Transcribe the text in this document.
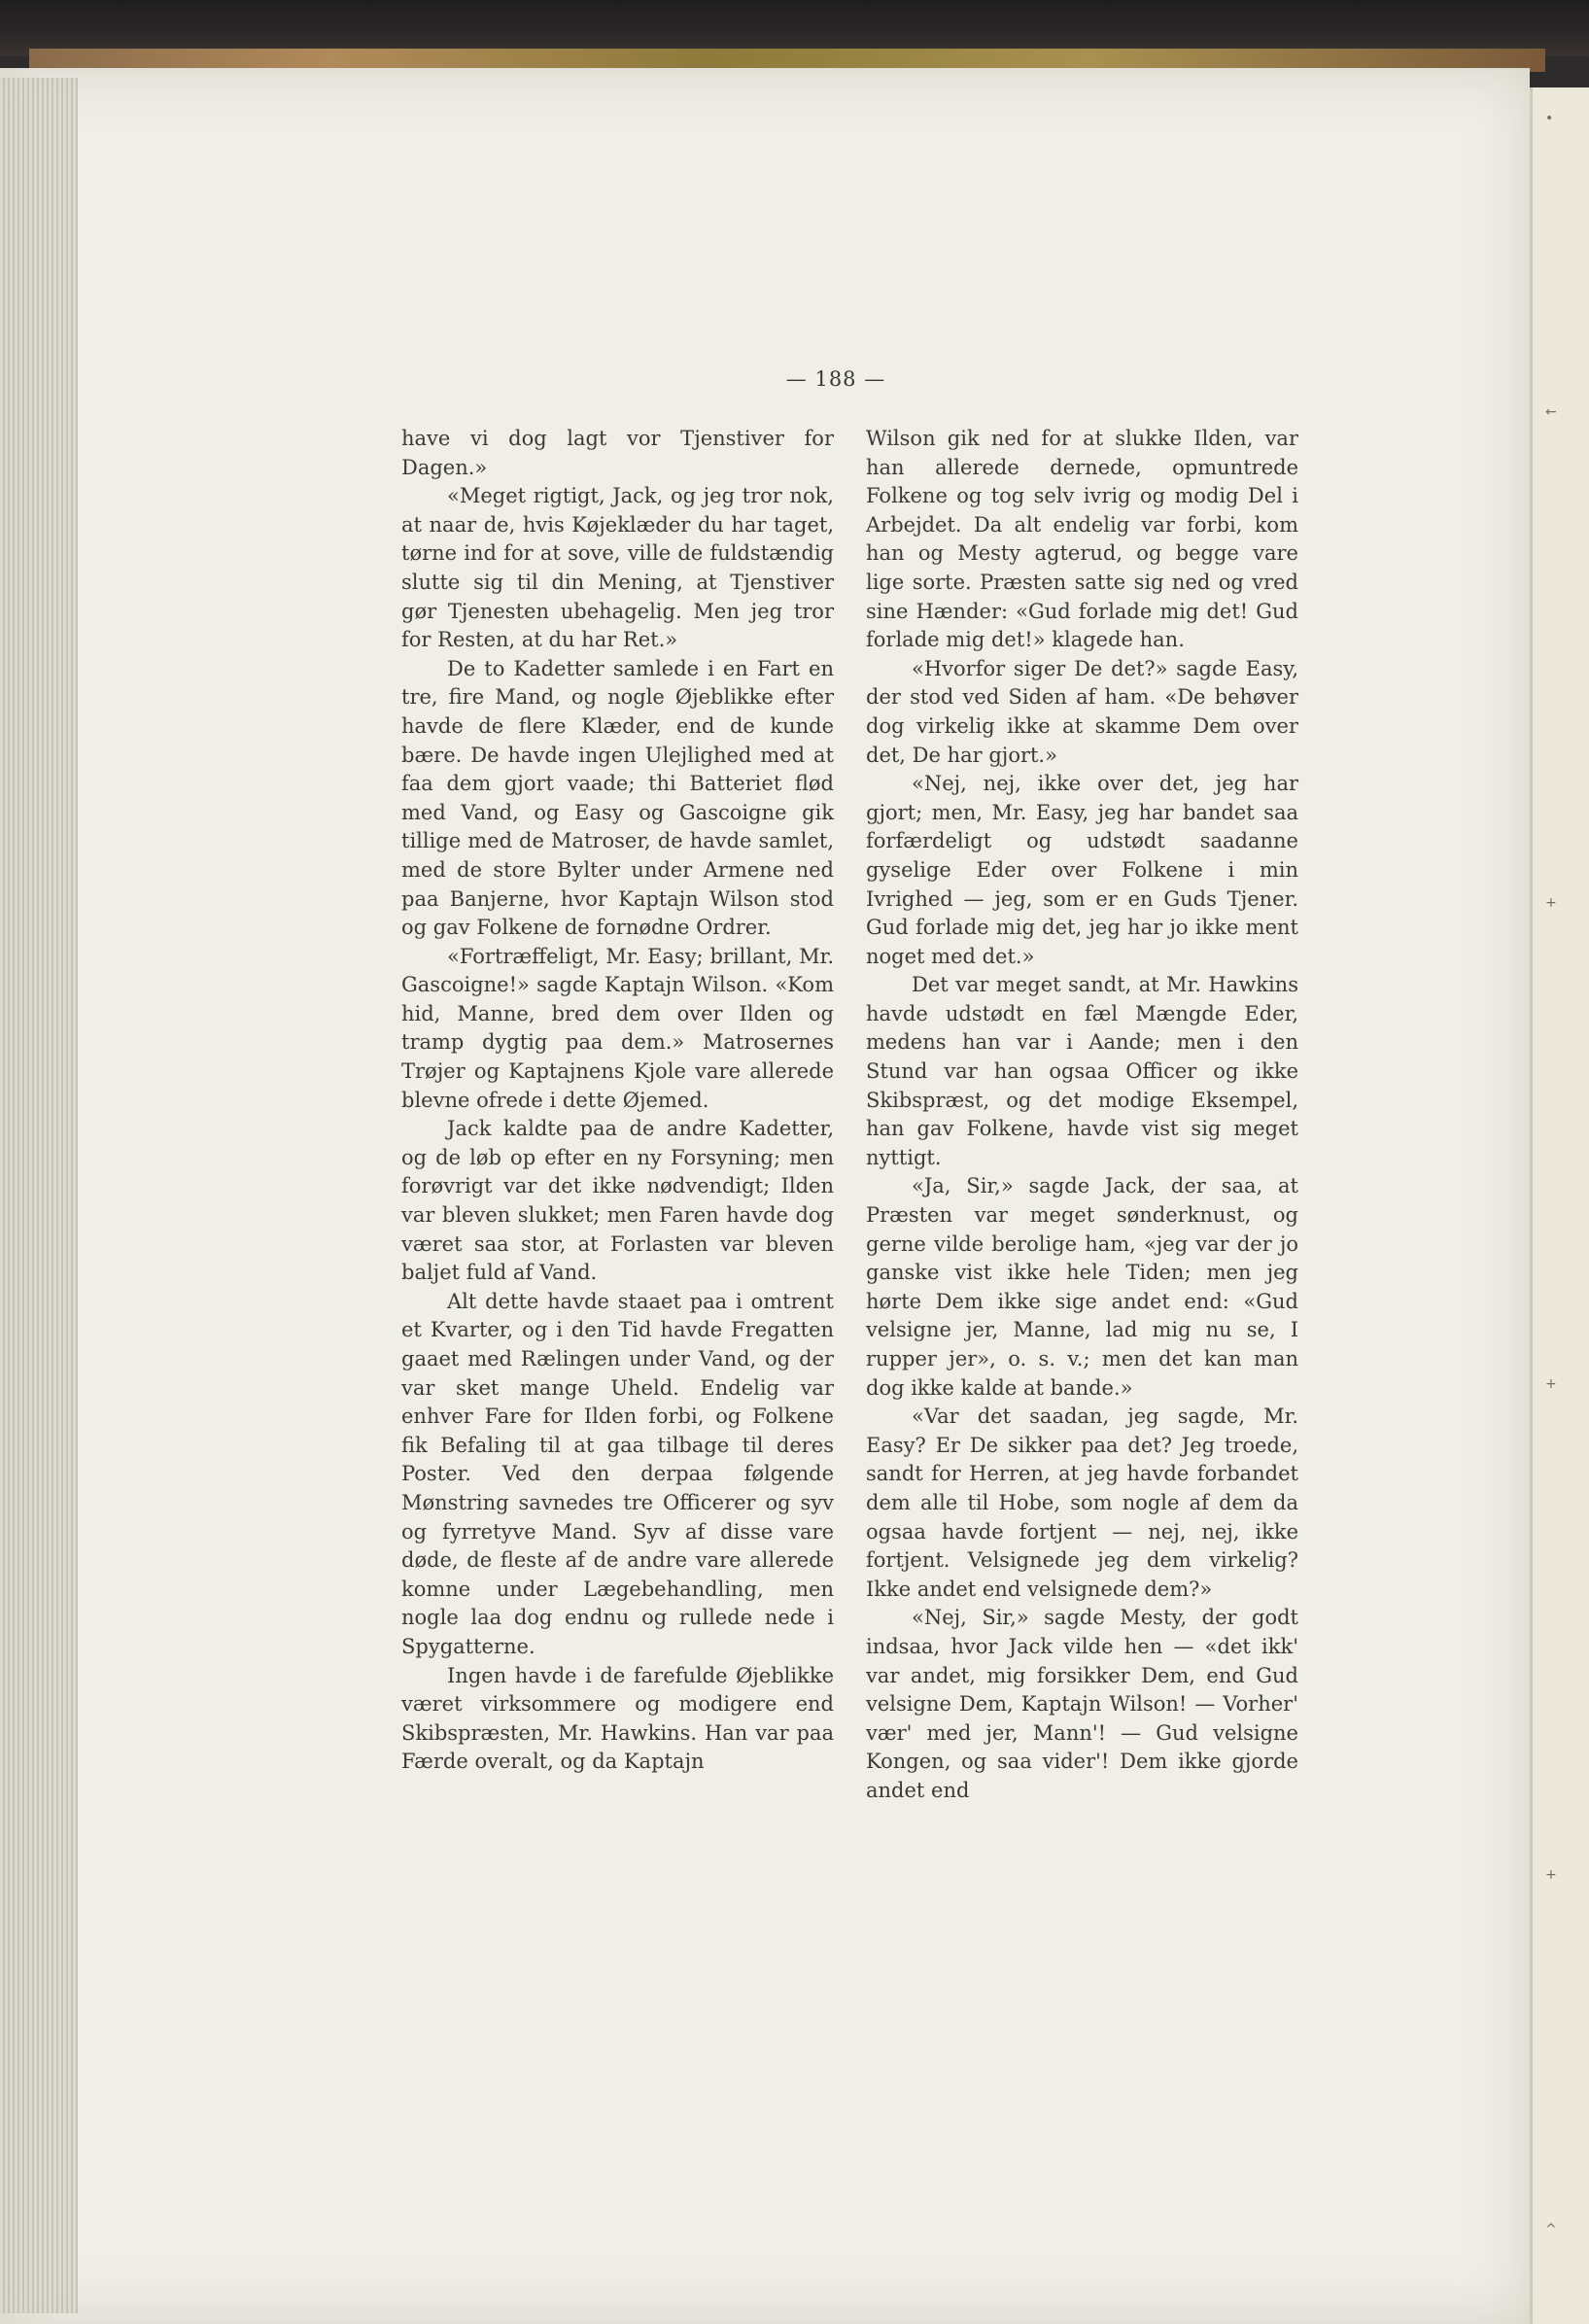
•
←
+
+
+
^
— 188 —

have vi dog lagt vor Tjenstiver for Dagen.»

«Meget rigtigt, Jack, og jeg tror nok, at naar de, hvis Køjeklæder du har taget, tørne ind for at sove, ville de fuldstændig slutte sig til din Mening, at Tjenstiver gør Tjenesten ubehagelig. Men jeg tror for Resten, at du har Ret.»

De to Kadetter samlede i en Fart en tre, fire Mand, og nogle Øjeblikke efter havde de flere Klæder, end de kunde bære. De havde ingen Ulejlighed med at faa dem gjort vaade; thi Batteriet flød med Vand, og Easy og Gascoigne gik tillige med de Matroser, de havde samlet, med de store Bylter under Armene ned paa Banjerne, hvor Kaptajn Wilson stod og gav Folkene de fornødne Ordrer.

«Fortræffeligt, Mr. Easy; brillant, Mr. Gascoigne!» sagde Kaptajn Wilson. «Kom hid, Manne, bred dem over Ilden og tramp dygtig paa dem.» Matrosernes Trøjer og Kaptajnens Kjole vare allerede blevne ofrede i dette Øjemed.

Jack kaldte paa de andre Kadetter, og de løb op efter en ny Forsyning; men forøvrigt var det ikke nødvendigt; Ilden var bleven slukket; men Faren havde dog været saa stor, at Forlasten var bleven baljet fuld af Vand.

Alt dette havde staaet paa i omtrent et Kvarter, og i den Tid havde Fregatten gaaet med Rælingen under Vand, og der var sket mange Uheld. Endelig var enhver Fare for Ilden forbi, og Folkene fik Befaling til at gaa tilbage til deres Poster. Ved den derpaa følgende Mønstring savnedes tre Officerer og syv og fyrretyve Mand. Syv af disse vare døde, de fleste af de andre vare allerede komne under Lægebehandling, men nogle laa dog endnu og rullede nede i Spygatterne.

Ingen havde i de farefulde Øjeblikke været virksommere og modigere end Skibspræsten, Mr. Hawkins. Han var paa Færde overalt, og da Kaptajn

Wilson gik ned for at slukke Ilden, var han allerede dernede, opmuntrede Folkene og tog selv ivrig og modig Del i Arbejdet. Da alt endelig var forbi, kom han og Mesty agterud, og begge vare lige sorte. Præsten satte sig ned og vred sine Hænder: «Gud forlade mig det! Gud forlade mig det!» klagede han.

«Hvorfor siger De det?» sagde Easy, der stod ved Siden af ham. «De behøver dog virkelig ikke at skamme Dem over det, De har gjort.»

«Nej, nej, ikke over det, jeg har gjort; men, Mr. Easy, jeg har bandet saa forfærdeligt og udstødt saadanne gyselige Eder over Folkene i min Ivrighed — jeg, som er en Guds Tjener. Gud forlade mig det, jeg har jo ikke ment noget med det.»

Det var meget sandt, at Mr. Hawkins havde udstødt en fæl Mængde Eder, medens han var i Aande; men i den Stund var han ogsaa Officer og ikke Skibspræst, og det modige Eksempel, han gav Folkene, havde vist sig meget nyttigt.

«Ja, Sir,» sagde Jack, der saa, at Præsten var meget sønderknust, og gerne vilde berolige ham, «jeg var der jo ganske vist ikke hele Tiden; men jeg hørte Dem ikke sige andet end: «Gud velsigne jer, Manne, lad mig nu se, I rupper jer», o. s. v.; men det kan man dog ikke kalde at bande.»

«Var det saadan, jeg sagde, Mr. Easy? Er De sikker paa det? Jeg troede, sandt for Herren, at jeg havde forbandet dem alle til Hobe, som nogle af dem da ogsaa havde fortjent — nej, nej, ikke fortjent. Velsignede jeg dem virkelig? Ikke andet end velsignede dem?»

«Nej, Sir,» sagde Mesty, der godt indsaa, hvor Jack vilde hen — «det ikk' var andet, mig forsikker Dem, end Gud velsigne Dem, Kaptajn Wilson! — Vorher' vær' med jer, Mann'! — Gud velsigne Kongen, og saa vider'! Dem ikke gjorde andet end
